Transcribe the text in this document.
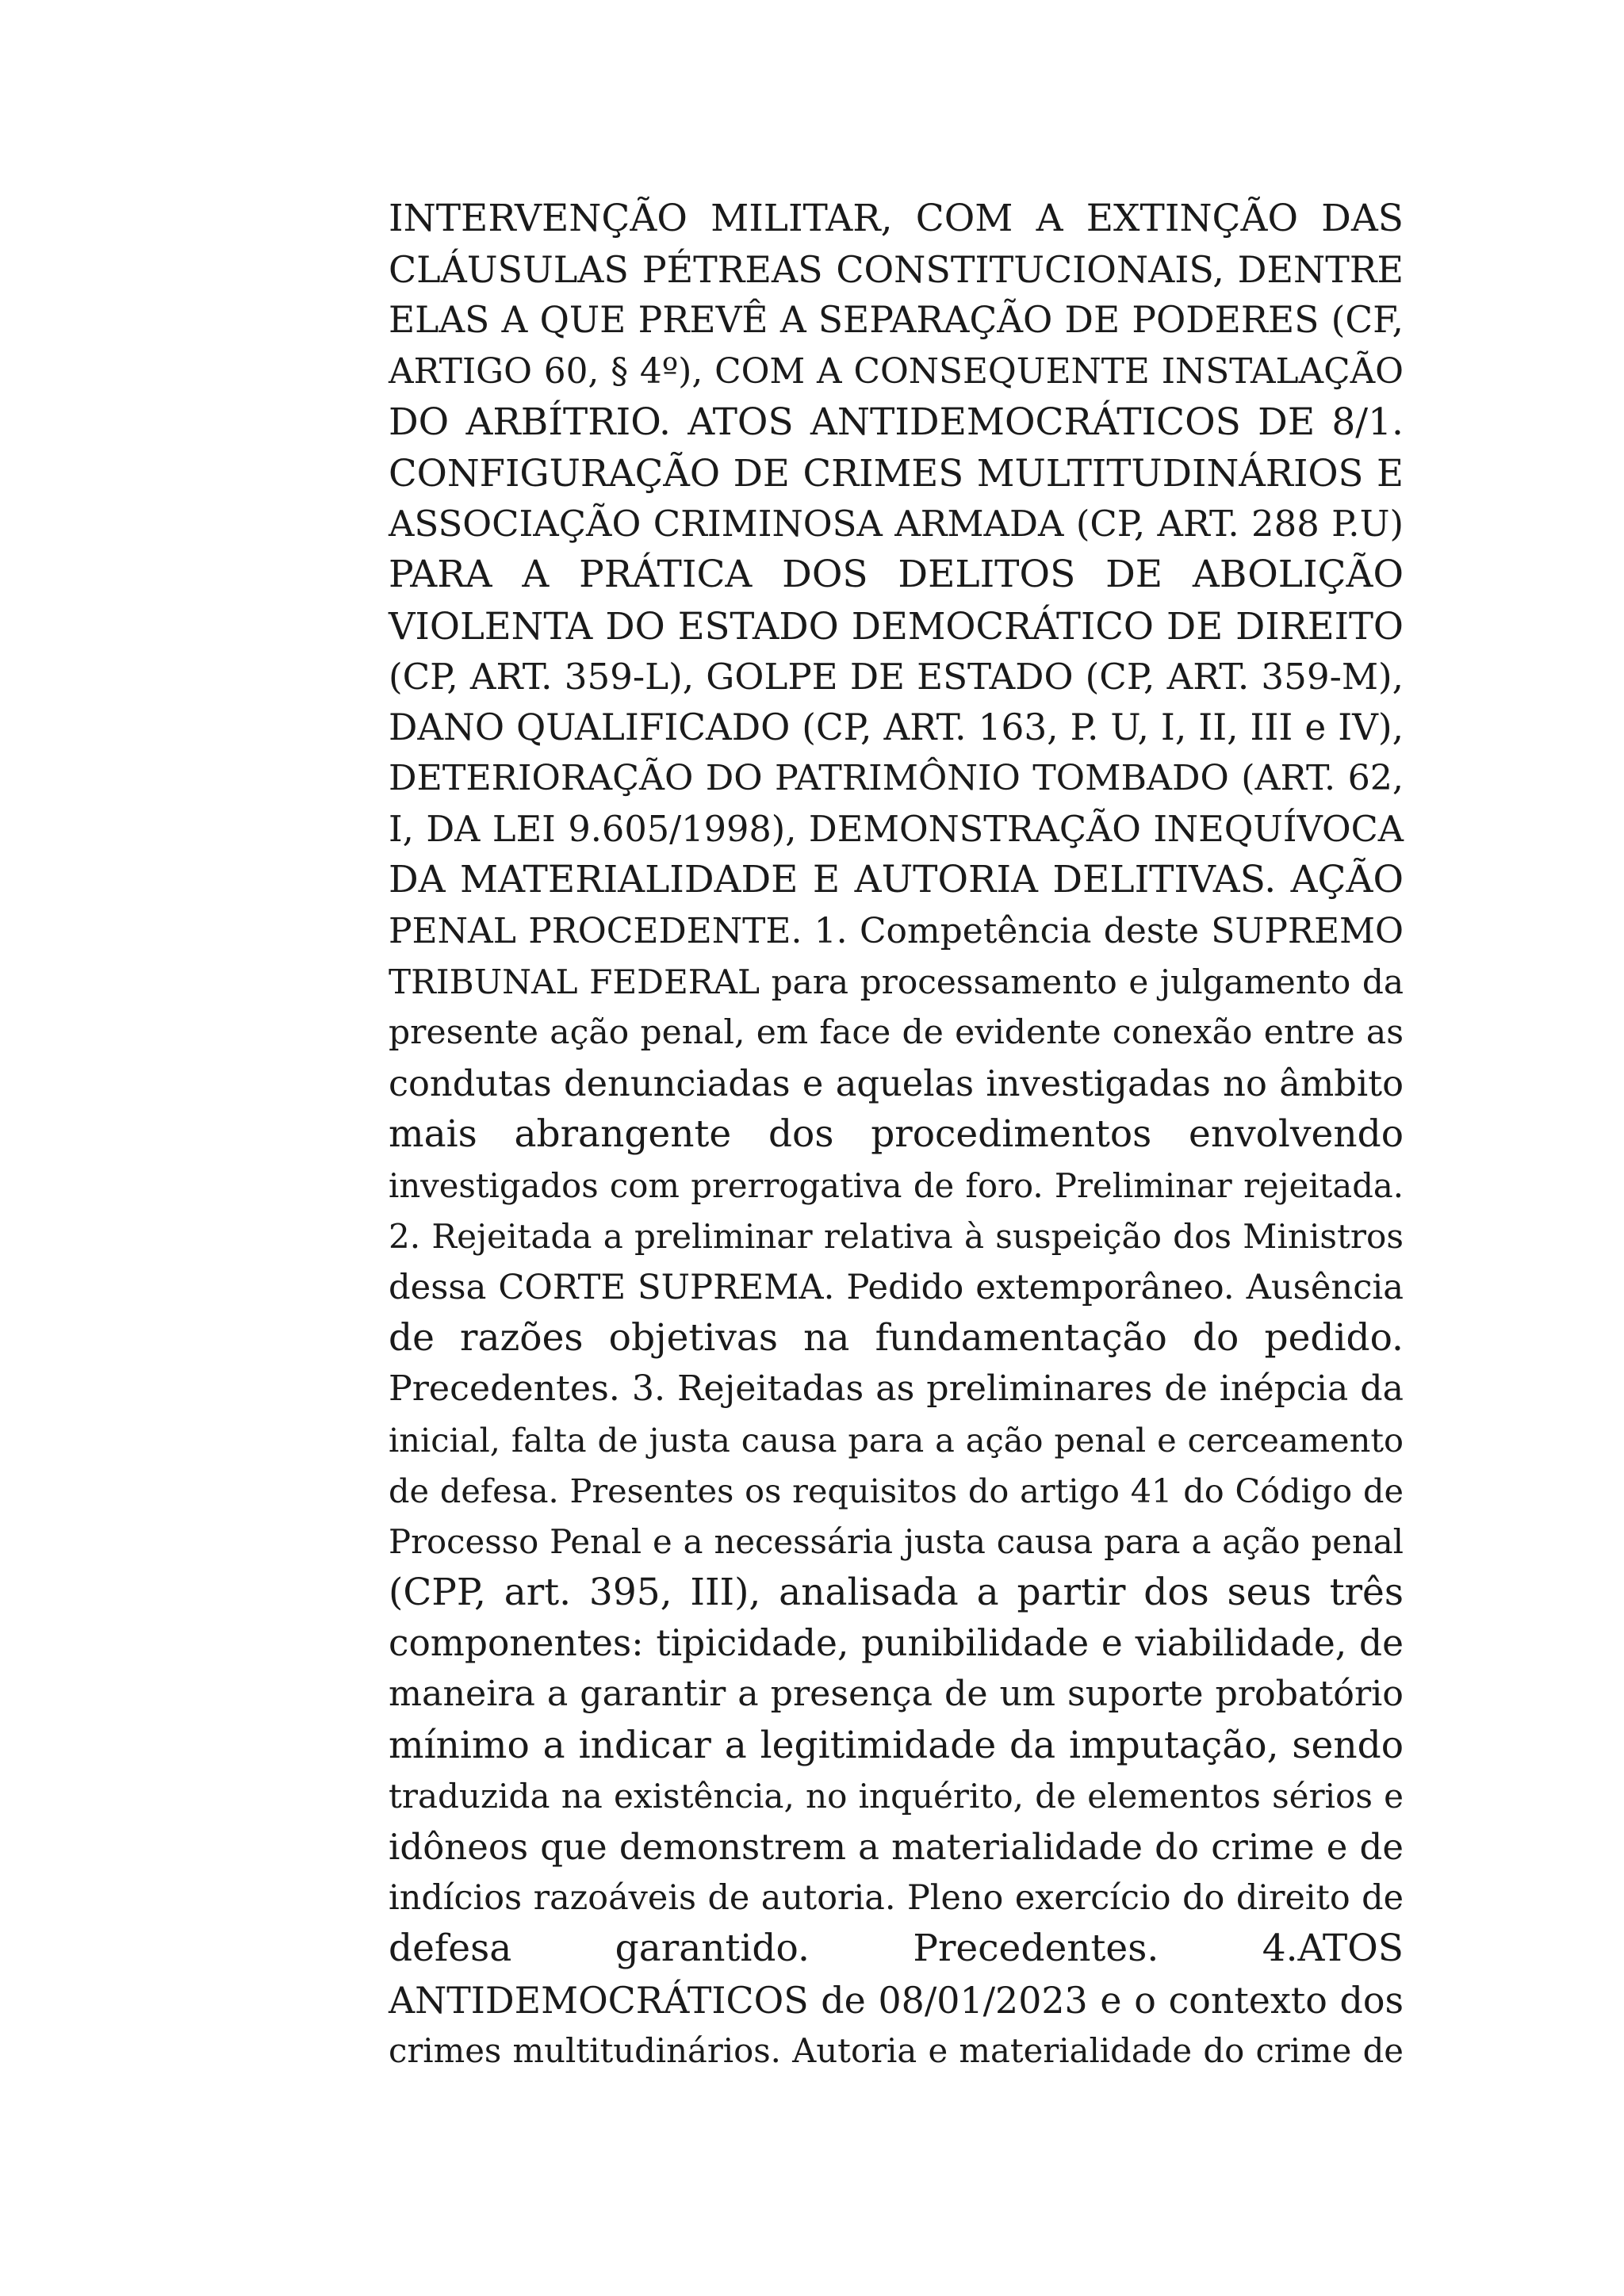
INTERVENÇÃO MILITAR, COM A EXTINÇÃO DAS
CLÁUSULAS PÉTREAS CONSTITUCIONAIS, DENTRE
ELAS A QUE PREVÊ A SEPARAÇÃO DE PODERES (CF,
ARTIGO 60, § 4º), COM A CONSEQUENTE INSTALAÇÃO
DO ARBÍTRIO. ATOS ANTIDEMOCRÁTICOS DE 8/1.
CONFIGURAÇÃO DE CRIMES MULTITUDINÁRIOS E
ASSOCIAÇÃO CRIMINOSA ARMADA (CP, ART. 288 P.U)
PARA A PRÁTICA DOS DELITOS DE ABOLIÇÃO
VIOLENTA DO ESTADO DEMOCRÁTICO DE DIREITO
(CP, ART. 359-L), GOLPE DE ESTADO (CP, ART. 359-M),
DANO QUALIFICADO (CP, ART. 163, P. U, I, II, III e IV),
DETERIORAÇÃO DO PATRIMÔNIO TOMBADO (ART. 62,
I, DA LEI 9.605/1998), DEMONSTRAÇÃO INEQUÍVOCA
DA MATERIALIDADE E AUTORIA DELITIVAS. AÇÃO
PENAL PROCEDENTE. 1. Competência deste SUPREMO
TRIBUNAL FEDERAL para processamento e julgamento da
presente ação penal, em face de evidente conexão entre as
condutas denunciadas e aquelas investigadas no âmbito
mais abrangente dos procedimentos envolvendo
investigados com prerrogativa de foro. Preliminar rejeitada.
2. Rejeitada a preliminar relativa à suspeição dos Ministros
dessa CORTE SUPREMA. Pedido extemporâneo. Ausência
de razões objetivas na fundamentação do pedido.
Precedentes. 3. Rejeitadas as preliminares de inépcia da
inicial, falta de justa causa para a ação penal e cerceamento
de defesa. Presentes os requisitos do artigo 41 do Código de
Processo Penal e a necessária justa causa para a ação penal
(CPP, art. 395, III), analisada a partir dos seus três
componentes: tipicidade, punibilidade e viabilidade, de
maneira a garantir a presença de um suporte probatório
mínimo a indicar a legitimidade da imputação, sendo
traduzida na existência, no inquérito, de elementos sérios e
idôneos que demonstrem a materialidade do crime e de
indícios razoáveis de autoria. Pleno exercício do direito de
defesa garantido. Precedentes. 4.ATOS
ANTIDEMOCRÁTICOS de 08/01/2023 e o contexto dos
crimes multitudinários. Autoria e materialidade do crime de
